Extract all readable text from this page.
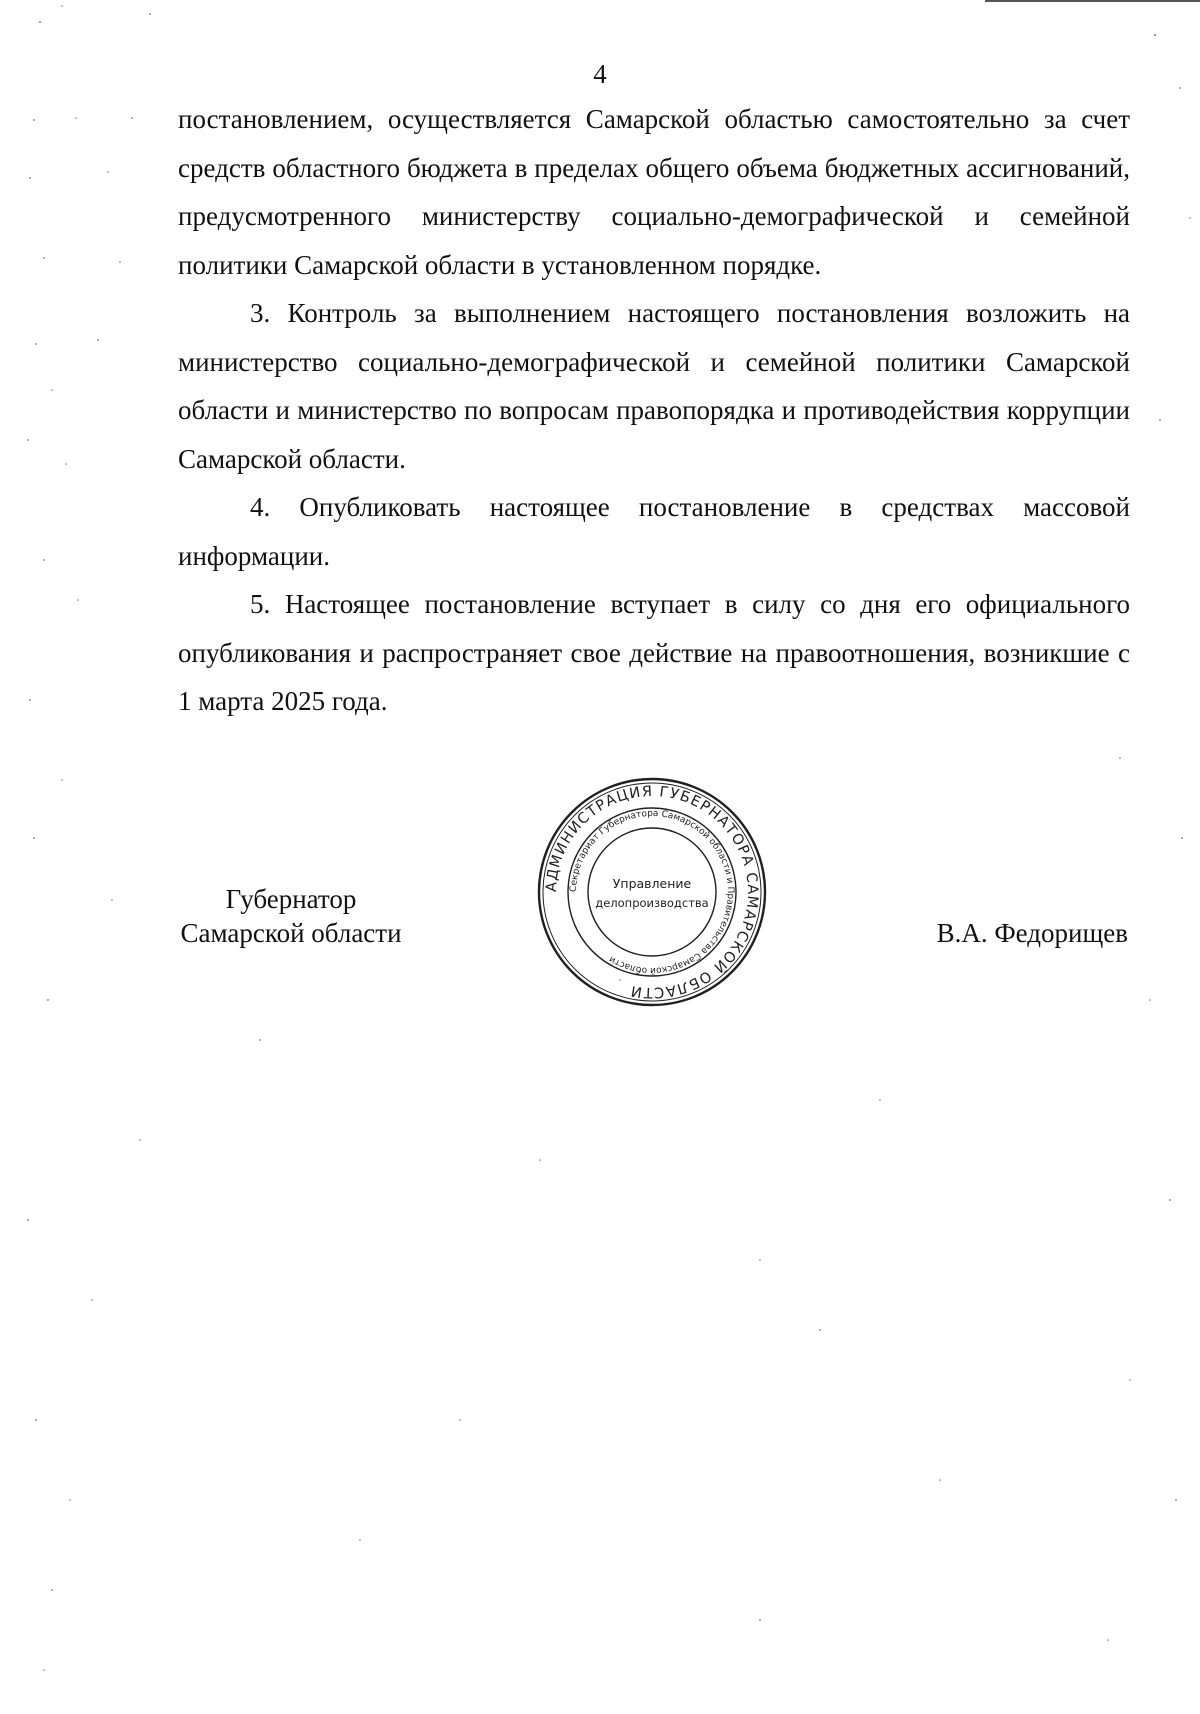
4

постановлением, осуществляется Самарской областью самостоятельно за счет средств областного бюджета в пределах общего объема бюджетных ассигнований, предусмотренного министерству социально-демографической и семейной политики Самарской области в установленном порядке.

3. Контроль за выполнением настоящего постановления возложить на министерство социально-демографической и семейной политики Самарской области и министерство по вопросам правопорядка и противодействия коррупции Самарской области.

4. Опубликовать настоящее постановление в средствах массовой информации.

5. Настоящее постановление вступает в силу со дня его официального опубликования и распространяет свое действие на правоотношения, возникшие с 1 марта 2025 года.

Губернатор
Самарской области
АДМИНИСТРАЦИЯ ГУБЕРНАТОРА САМАРСКОЙ ОБЛАСТИ
Секретариат Губернатора Самарской области и Правительства Самарской области
Управление
делопроизводства
В.А. Федорищев
